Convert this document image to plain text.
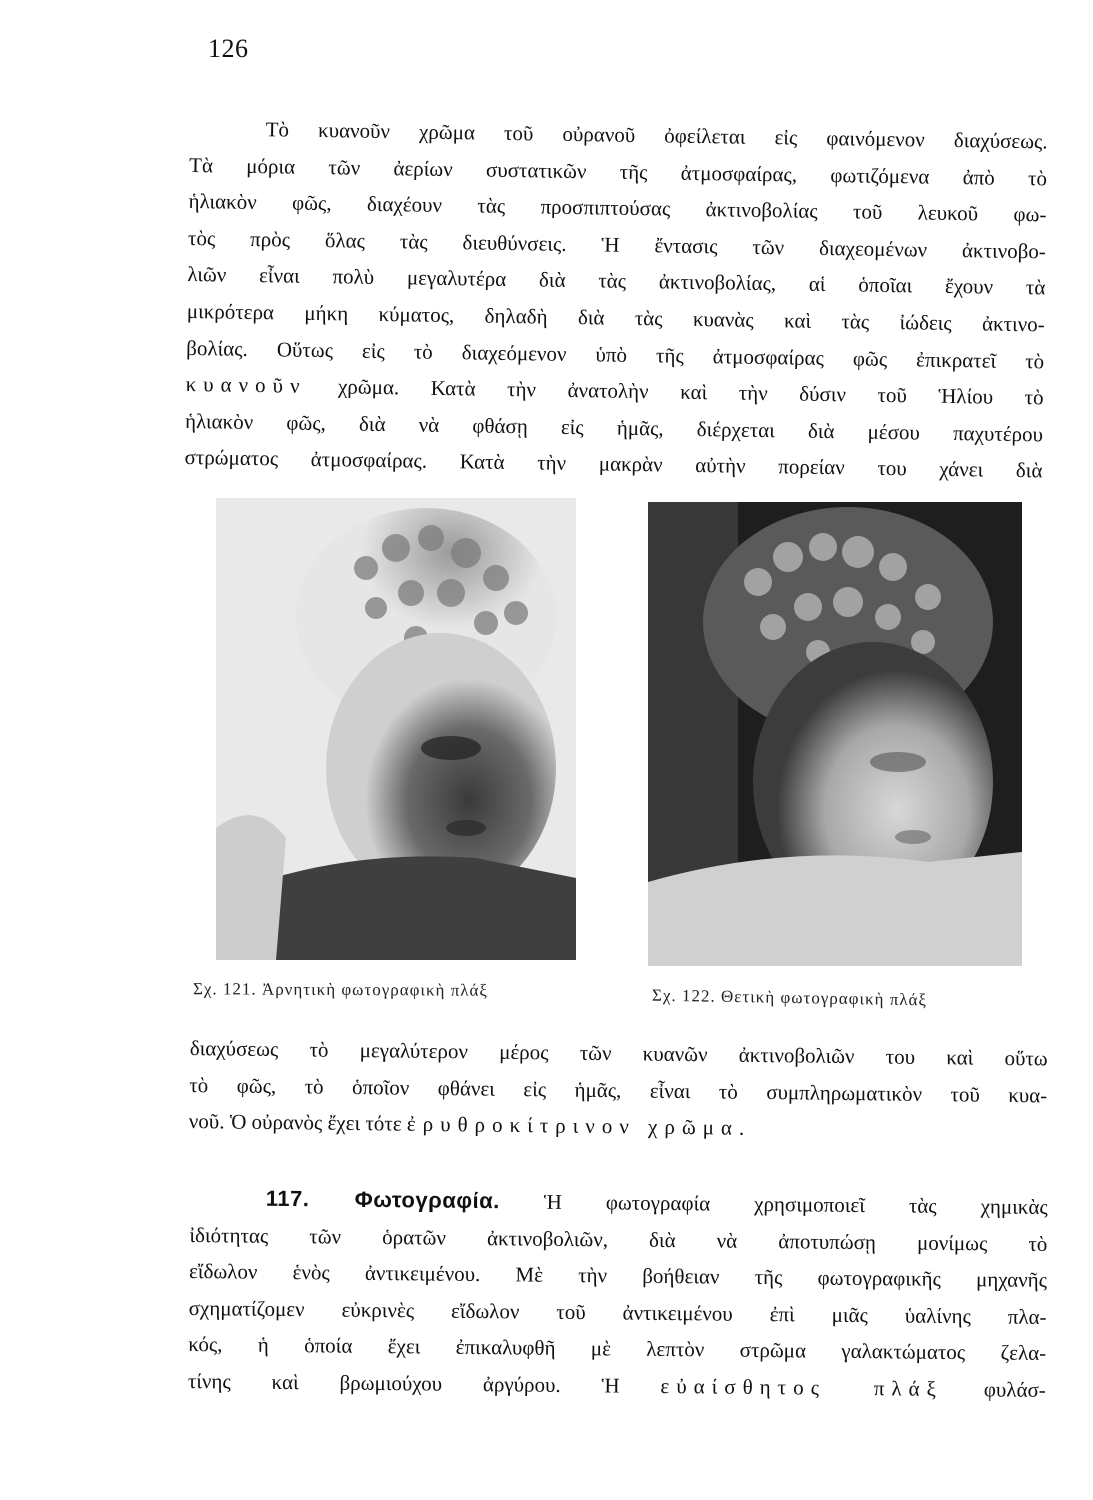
126
Τὸ κυανοῦν χρῶμα τοῦ οὐρανοῦ ὀφείλεται εἰς φαινόμενον διαχύσεως.
Τὰ μόρια τῶν ἀερίων συστατικῶν τῆς ἀτμοσφαίρας, φωτιζόμενα ἀπὸ τὸ
ἡλιακὸν φῶς, διαχέουν τὰς προσπιπτούσας ἀκτινοβολίας τοῦ λευκοῦ φω-
τὸς πρὸς ὅλας τὰς διευθύνσεις. Ἡ ἔντασις τῶν διαχεομένων ἀκτινοβο-
λιῶν εἶναι πολὺ μεγαλυτέρα διὰ τὰς ἀκτινοβολίας, αἱ ὁποῖαι ἔχουν τὰ
μικρότερα μήκη κύματος, δηλαδὴ διὰ τὰς κυανὰς καὶ τὰς ἰώδεις ἀκτινο-
βολίας. Οὕτως εἰς τὸ διαχεόμενον ὑπὸ τῆς ἀτμοσφαίρας φῶς ἐπικρατεῖ τὸ
κυανοῦν χρῶμα. Κατὰ τὴν ἀνατολὴν καὶ τὴν δύσιν τοῦ Ἡλίου τὸ
ἡλιακὸν φῶς, διὰ νὰ φθάσῃ εἰς ἡμᾶς, διέρχεται διὰ μέσου παχυτέρου
στρώματος ἀτμοσφαίρας. Κατὰ τὴν μακρὰν αὐτὴν πορείαν του χάνει διὰ
Σχ. 121. Ἀρνητικὴ φωτογραφικὴ πλάξ	Σχ. 122. Θετικὴ φωτογραφικὴ πλάξ
διαχύσεως τὸ μεγαλύτερον μέρος τῶν κυανῶν ἀκτινοβολιῶν του καὶ οὕτω
τὸ φῶς, τὸ ὁποῖον φθάνει εἰς ἡμᾶς, εἶναι τὸ συμπληρωματικὸν τοῦ κυα-
νοῦ. Ὁ οὐρανὸς ἔχει τότε ἐρυθροκίτρινον χρῶμα.
117. Φωτογραφία. Ἡ φωτογραφία χρησιμοποιεῖ τὰς χημικὰς
ἰδιότητας τῶν ὁρατῶν ἀκτινοβολιῶν, διὰ νὰ ἀποτυπώσῃ μονίμως τὸ
εἴδωλον ἑνὸς ἀντικειμένου. Μὲ τὴν βοήθειαν τῆς φωτογραφικῆς μηχανῆς
σχηματίζομεν εὐκρινὲς εἴδωλον τοῦ ἀντικειμένου ἐπὶ μιᾶς ὑαλίνης πλα-
κός, ἡ ὁποία ἔχει ἐπικαλυφθῆ μὲ λεπτὸν στρῶμα γαλακτώματος ζελα-
τίνης καὶ βρωμιούχου ἀργύρου. Ἡ εὐαίσθητος πλάξ φυλάσ-
